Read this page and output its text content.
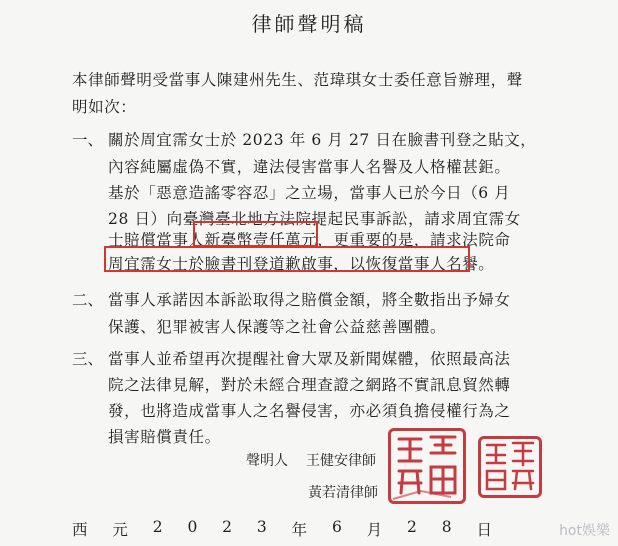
律師聲明稿
本律師聲明受當事人陳建州先生、范瑋琪女士委任意旨辦理，聲
明如次：
一、 關於周宜霈女士於 2023 年 6 月 27 日在臉書刊登之貼文，
內容純屬虛偽不實，違法侵害當事人名譽及人格權甚鉅。
基於「惡意造謠零容忍」之立場，當事人已於今日（6 月
28 日）向臺灣臺北地方法院提起民事訴訟，請求周宜霈女
士賠償當事人新臺幣壹仟萬元，更重要的是，請求法院命
周宜霈女士於臉書刊登道歉啟事，以恢復當事人名譽。
二、 當事人承諾因本訴訟取得之賠償金額，將全數指出予婦女
保護、犯罪被害人保護等之社會公益慈善團體。
三、 當事人並希望再次提醒社會大眾及新聞媒體，依照最高法
院之法律見解，對於未經合理查證之網路不實訊息貿然轉
發，也將造成當事人之名譽侵害，亦必須負擔侵權行為之
損害賠償責任。
聲明人 王健安律師
黃若清律師
西 元 2 0 2 3 年 6 月 2 8 日	hot娛樂
